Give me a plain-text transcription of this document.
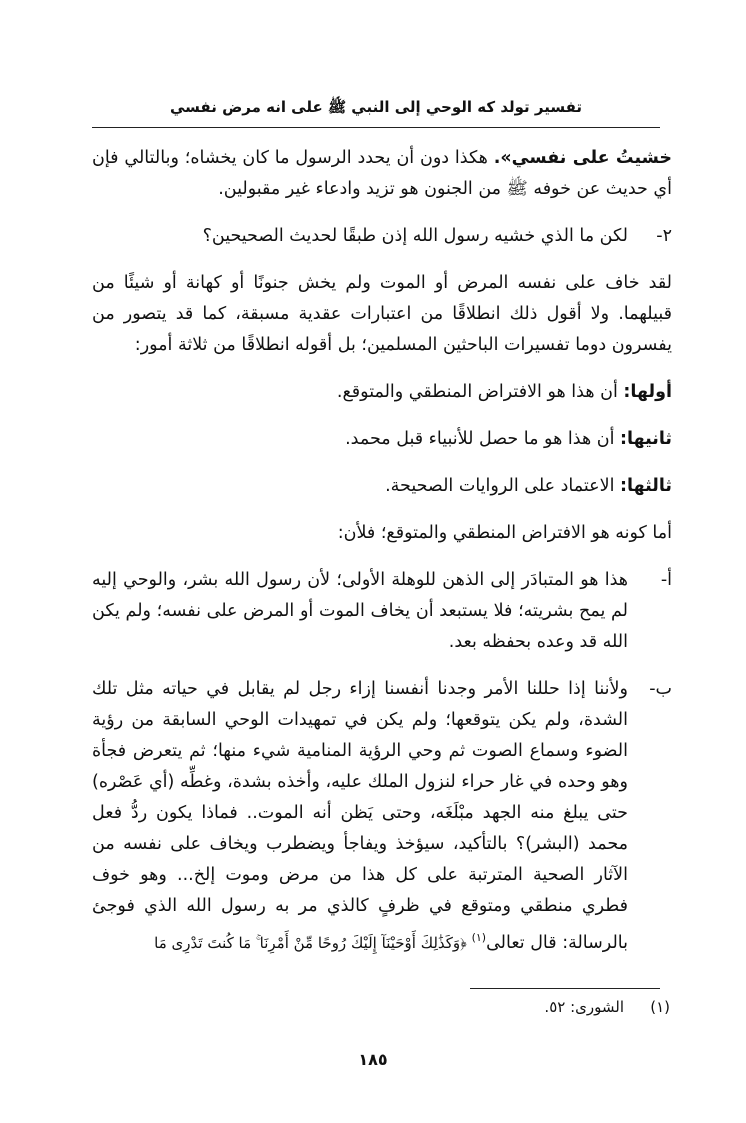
تفسير تولد كه الوحي إلى النبي ﷺ على انه مرض نفسي

خشيتُ على نفسي». هكذا دون أن يحدد الرسول ما كان يخشاه؛ وبالتالي فإن أي حديث عن خوفه ﷺ من الجنون هو تزيد وادعاء غير مقبولين.

٢-
لكن ما الذي خشيه رسول الله إذن طبقًا لحديث الصحيحين؟

لقد خاف على نفسه المرض أو الموت ولم يخش جنونًا أو كهانة أو شيئًا من قبيلهما. ولا أقول ذلك انطلاقًا من اعتبارات عقدية مسبقة، كما قد يتصور من يفسرون دوما تفسيرات الباحثين المسلمين؛ بل أقوله انطلاقًا من ثلاثة أمور:

أولها: أن هذا هو الافتراض المنطقي والمتوقع.

ثانيها: أن هذا هو ما حصل للأنبياء قبل محمد.

ثالثها: الاعتماد على الروايات الصحيحة.

أما كونه هو الافتراض المنطقي والمتوقع؛ فلأن:

أ-
هذا هو المتبادَر إلى الذهن للوهلة الأولى؛ لأن رسول الله بشر، والوحي إليه لم يمح بشريته؛ فلا يستبعد أن يخاف الموت أو المرض على نفسه؛ ولم يكن الله قد وعده بحفظه بعد.
ب-
ولأننا إذا حللنا الأمر وجدنا أنفسنا إزاء رجل لم يقابل في حياته مثل تلك الشدة، ولم يكن يتوقعها؛ ولم يكن في تمهيدات الوحي السابقة من رؤية الضوء وسماع الصوت ثم وحي الرؤية المنامية شيء منها؛ ثم يتعرض فجأة وهو وحده في غار حراء لنزول الملك عليه، وأخذه بشدة، وغطِّه (أي عَصْره) حتى يبلغ منه الجهد مبْلَغَه، وحتى يَظن أنه الموت.. فماذا يكون ردُّ فعل محمد (البشر)؟ بالتأكيد، سيؤخذ ويفاجأ ويضطرب ويخاف على نفسه من الآثار الصحية المترتبة على كل هذا من مرض وموت إلخ... وهو خوف فطري منطقي ومتوقع في ظرفٍ كالذي مر به رسول الله الذي فوجئ بالرسالة: قال تعالى$^{(١)}$ ﴿وَكَذَٰلِكَ أَوْحَيْنَآ إِلَيْكَ رُوحًا مِّنْ أَمْرِنَا ۚ مَا كُنتَ تَدْرِى مَا
(١)
الشورى: ٥٢.
١٨٥
